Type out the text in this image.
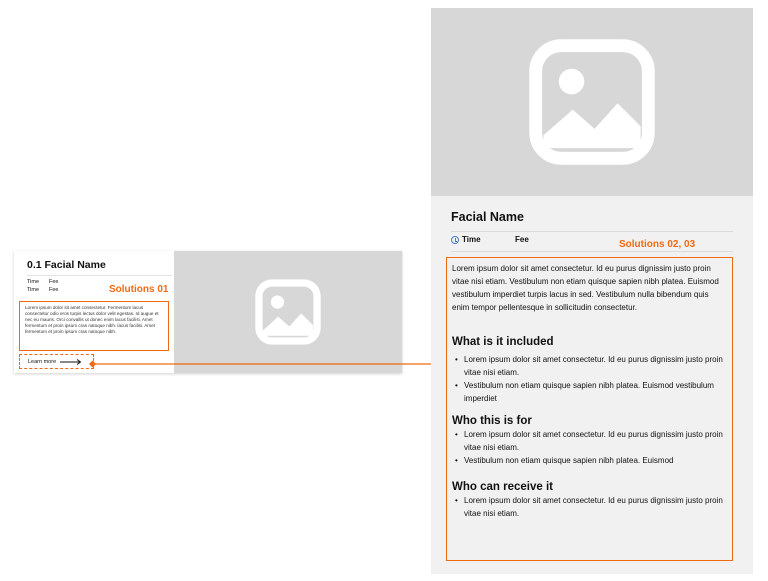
0.1 Facial Name
Time Fee
Time Fee
Lorem ipsum dolor sit amet consectetur. Fermentum lacus consectetur odio eros turpis lectus dolor velit egestas. Id augue et nec eu mauris. Orci convallis ut donec enim lacus facilisi. Amet fermentum et proin ipsum cras natoque nibh. lacus facilisi. Amet fermentum et proin ipsum cras natoque nibh.
Learn more
Solutions 01
Facial Name
Time	Fee	Solutions 02, 03

Lorem ipsum dolor sit amet consectetur. Id eu purus dignissim justo proin vitae nisi etiam. Vestibulum non etiam quisque sapien nibh platea. Euismod vestibulum imperdiet turpis lacus in sed. Vestibulum nulla bibendum quis enim tempor pellentesque in sollicitudin consectetur.

What is it included
• Lorem ipsum dolor sit amet consectetur. Id eu purus dignissim justo proin vitae nisi etiam.
• Vestibulum non etiam quisque sapien nibh platea. Euismod vestibulum imperdiet
Who this is for
• Lorem ipsum dolor sit amet consectetur. Id eu purus dignissim justo proin vitae nisi etiam.
• Vestibulum non etiam quisque sapien nibh platea. Euismod
Who can receive it
• Lorem ipsum dolor sit amet consectetur. Id eu purus dignissim justo proin vitae nisi etiam.
